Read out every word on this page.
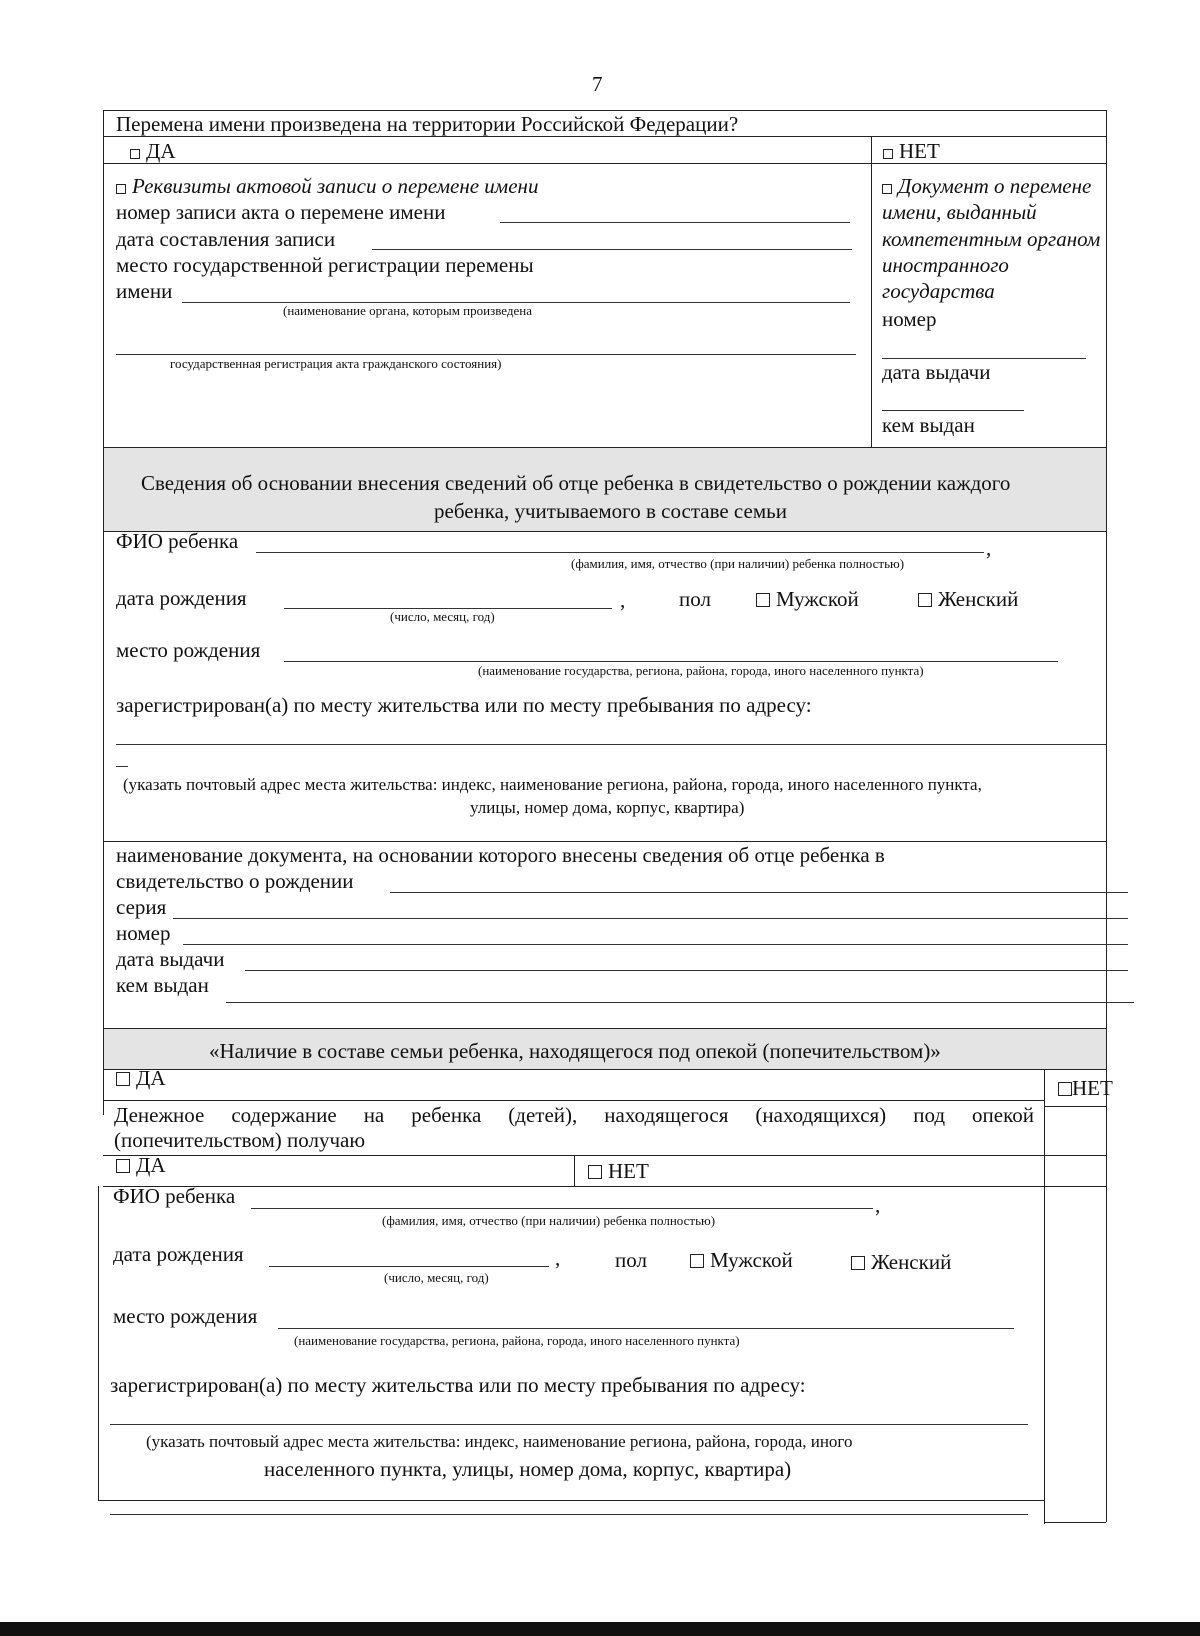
7
Перемена имени произведена на территории Российской Федерации?
ДА	НЕТ
Реквизиты актовой записи о перемене имени
номер записи акта о перемене имени
дата составления записи
место государственной регистрации перемены
имени
(наименование органа, которым произведена
государственная регистрация акта гражданского состояния)
Документ о перемене
имени, выданный
компетентным органом
иностранного
государства
номер
дата выдачи
кем выдан
Сведения об основании внесения сведений об отце ребенка в свидетельство о рождении каждого
ребенка, учитываемого в составе семьи
ФИО ребенка	,
(фамилия, имя, отчество (при наличии) ребенка полностью)
дата рождения	,
(число, месяц, год)
пол	Мужской	Женский
место рождения
(наименование государства, региона, района, города, иного населенного пункта)
зарегистрирован(а) по месту жительства или по месту пребывания по адресу:
(указать почтовый адрес места жительства: индекс, наименование региона, района, города, иного населенного пункта,
улицы, номер дома, корпус, квартира)
наименование документа, на основании которого внесены сведения об отце ребенка в
свидетельство о рождении
серия
номер
дата выдачи
кем выдан
«Наличие в составе семьи ребенка, находящегося под опекой (попечительством)»
ДА	НЕТ
Денежное содержание на ребенка (детей), находящегося (находящихся) под опекой
(попечительством) получаю
ДА	НЕТ
ФИО ребенка	,
(фамилия, имя, отчество (при наличии) ребенка полностью)
дата рождения	,
(число, месяц, год)
пол	Мужской	Женский
место рождения
(наименование государства, региона, района, города, иного населенного пункта)
зарегистрирован(а) по месту жительства или по месту пребывания по адресу:
(указать почтовый адрес места жительства: индекс, наименование региона, района, города, иного
населенного пункта, улицы, номер дома, корпус, квартира)
